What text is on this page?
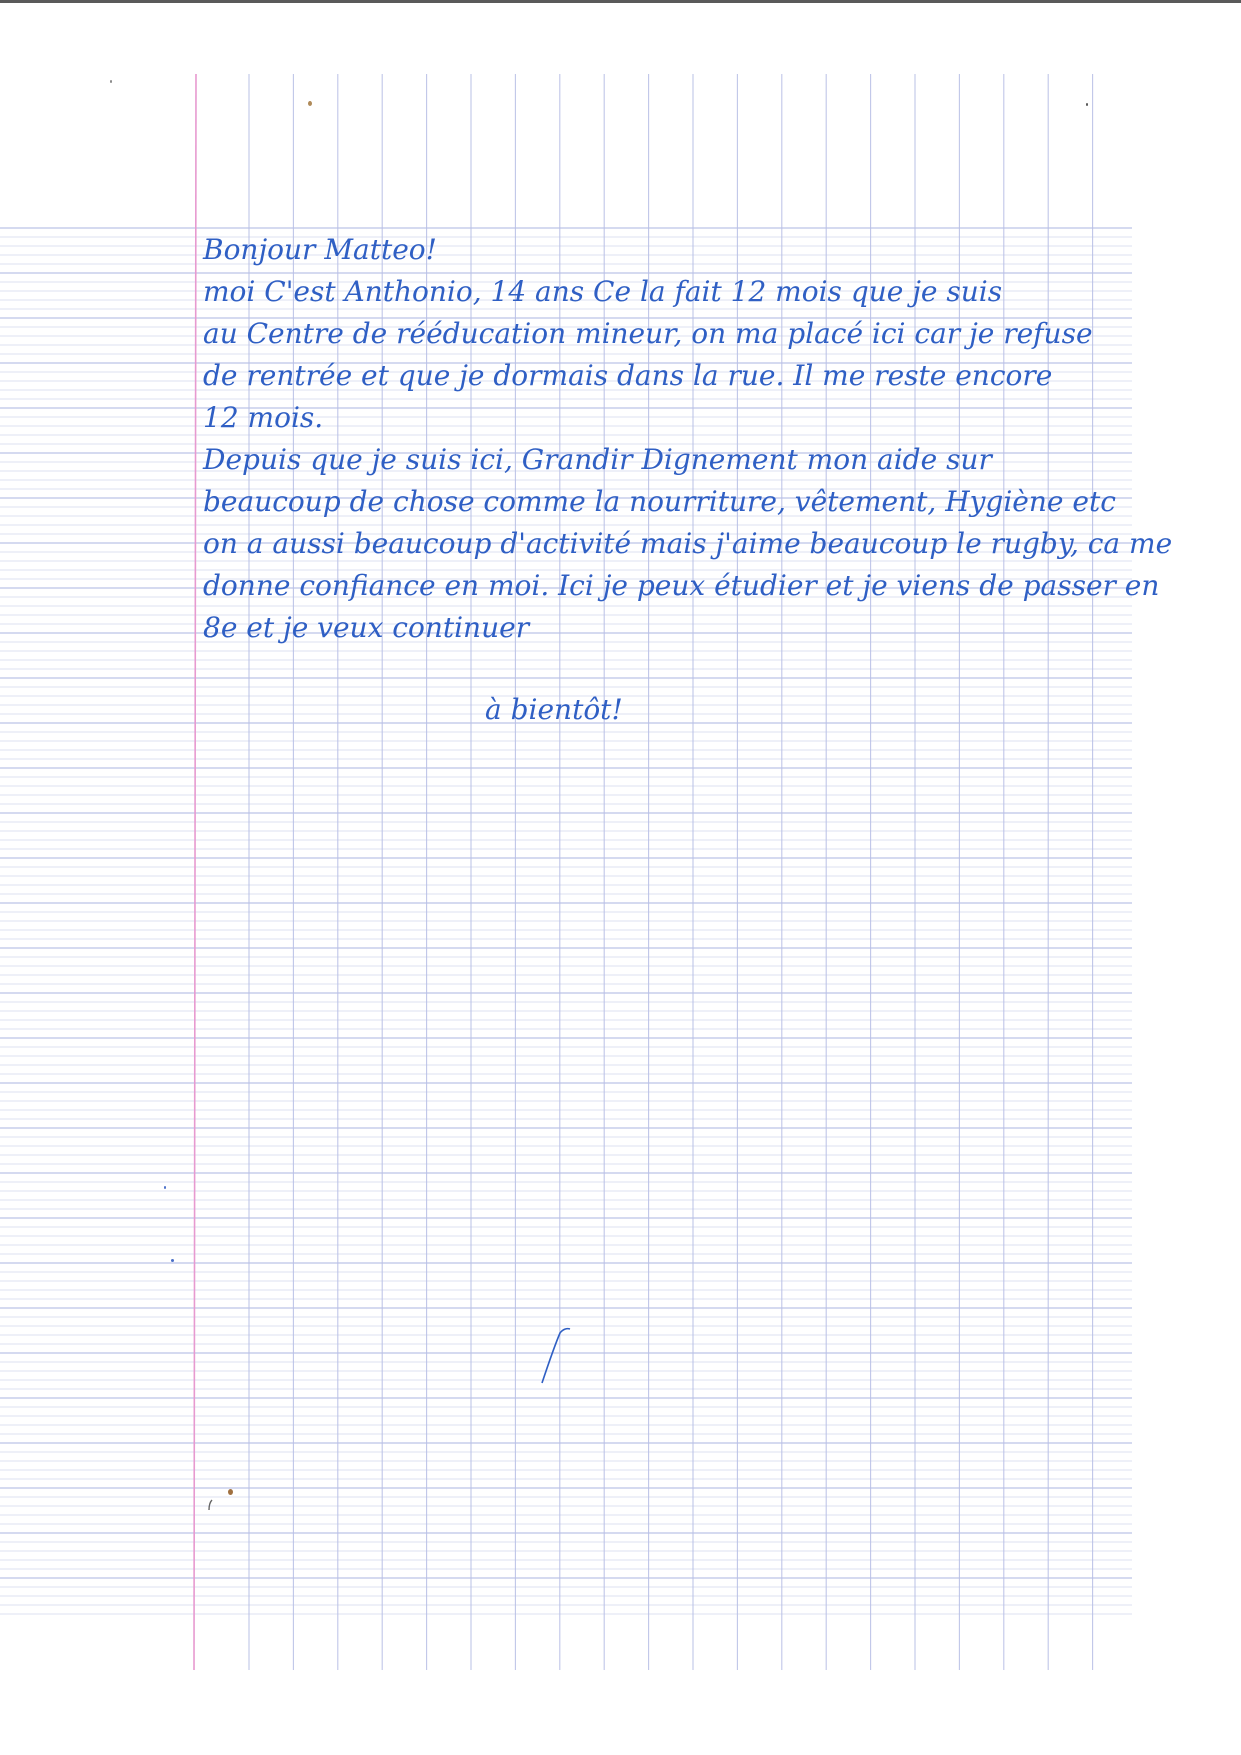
Bonjour Matteo!
moi C'est Anthonio, 14 ans Ce la fait 12 mois que je suis
au Centre de rééducation mineur, on ma placé ici car je refuse
de rentrée et que je dormais dans la rue. Il me reste encore
12 mois.
Depuis que je suis ici, Grandir Dignement mon aide sur
beaucoup de chose comme la nourriture, vêtement, Hygiène etc
on a aussi beaucoup d'activité mais j'aime beaucoup le rugby, ca me
donne confiance en moi. Ici je peux étudier et je viens de passer en
8e et je veux continuer
à bientôt!
